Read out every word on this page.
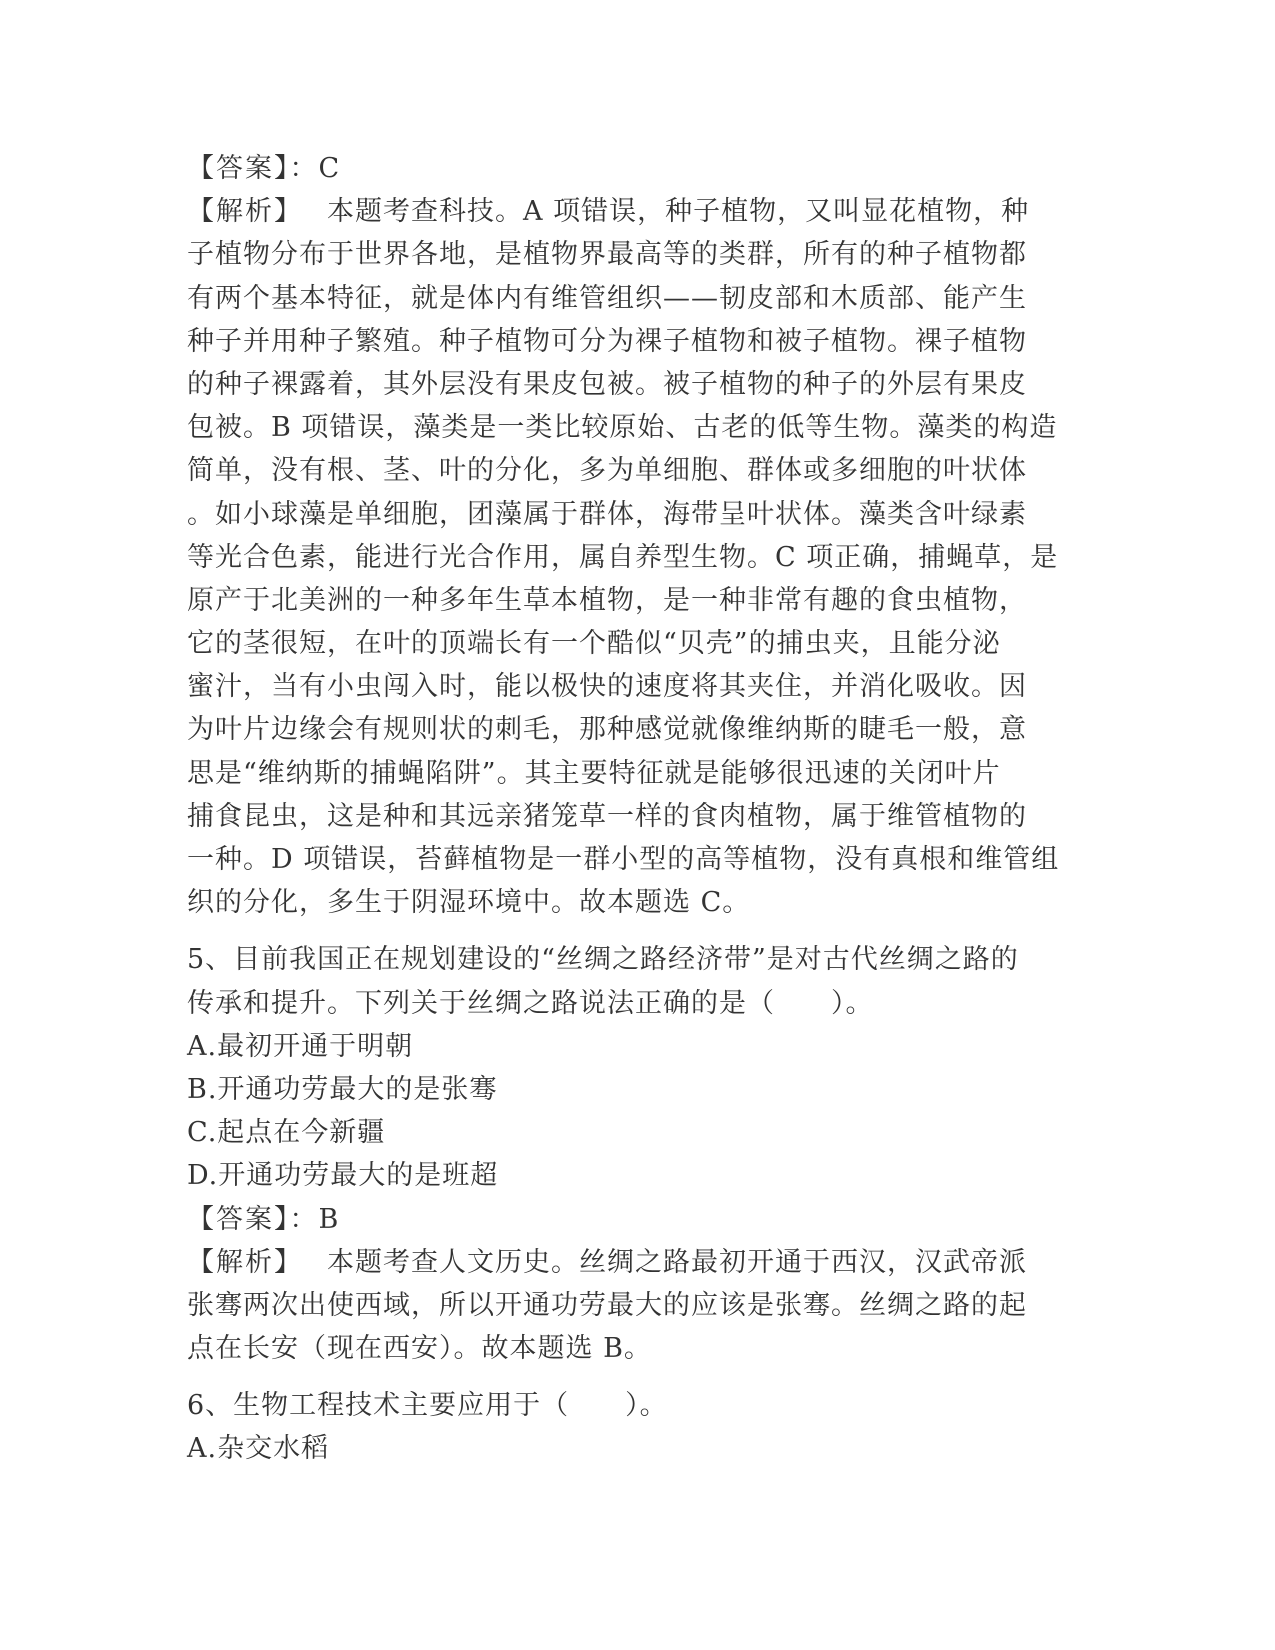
【答案】：C
【解析】 本题考查科技。A 项错误，种子植物，又叫显花植物，种
子植物分布于世界各地，是植物界最高等的类群，所有的种子植物都
有两个基本特征，就是体内有维管组织——韧皮部和木质部、能产生
种子并用种子繁殖。种子植物可分为裸子植物和被子植物。裸子植物
的种子裸露着，其外层没有果皮包被。被子植物的种子的外层有果皮
包被。B 项错误，藻类是一类比较原始、古老的低等生物。藻类的构造
简单，没有根、茎、叶的分化，多为单细胞、群体或多细胞的叶状体
。如小球藻是单细胞，团藻属于群体，海带呈叶状体。藻类含叶绿素
等光合色素，能进行光合作用，属自养型生物。C 项正确，捕蝇草，是
原产于北美洲的一种多年生草本植物，是一种非常有趣的食虫植物，
它的茎很短，在叶的顶端长有一个酷似“贝壳”的捕虫夹，且能分泌
蜜汁，当有小虫闯入时，能以极快的速度将其夹住，并消化吸收。因
为叶片边缘会有规则状的刺毛，那种感觉就像维纳斯的睫毛一般，意
思是“维纳斯的捕蝇陷阱”。其主要特征就是能够很迅速的关闭叶片
捕食昆虫，这是种和其远亲猪笼草一样的食肉植物，属于维管植物的
一种。D 项错误，苔藓植物是一群小型的高等植物，没有真根和维管组
织的分化，多生于阴湿环境中。故本题选 C。
5、目前我国正在规划建设的“丝绸之路经济带”是对古代丝绸之路的
传承和提升。下列关于丝绸之路说法正确的是（　　）。
A.最初开通于明朝
B.开通功劳最大的是张骞
C.起点在今新疆
D.开通功劳最大的是班超
【答案】：B
【解析】 本题考查人文历史。丝绸之路最初开通于西汉，汉武帝派
张骞两次出使西域，所以开通功劳最大的应该是张骞。丝绸之路的起
点在长安（现在西安）。故本题选 B。
6、生物工程技术主要应用于（　　）。
A.杂交水稻
